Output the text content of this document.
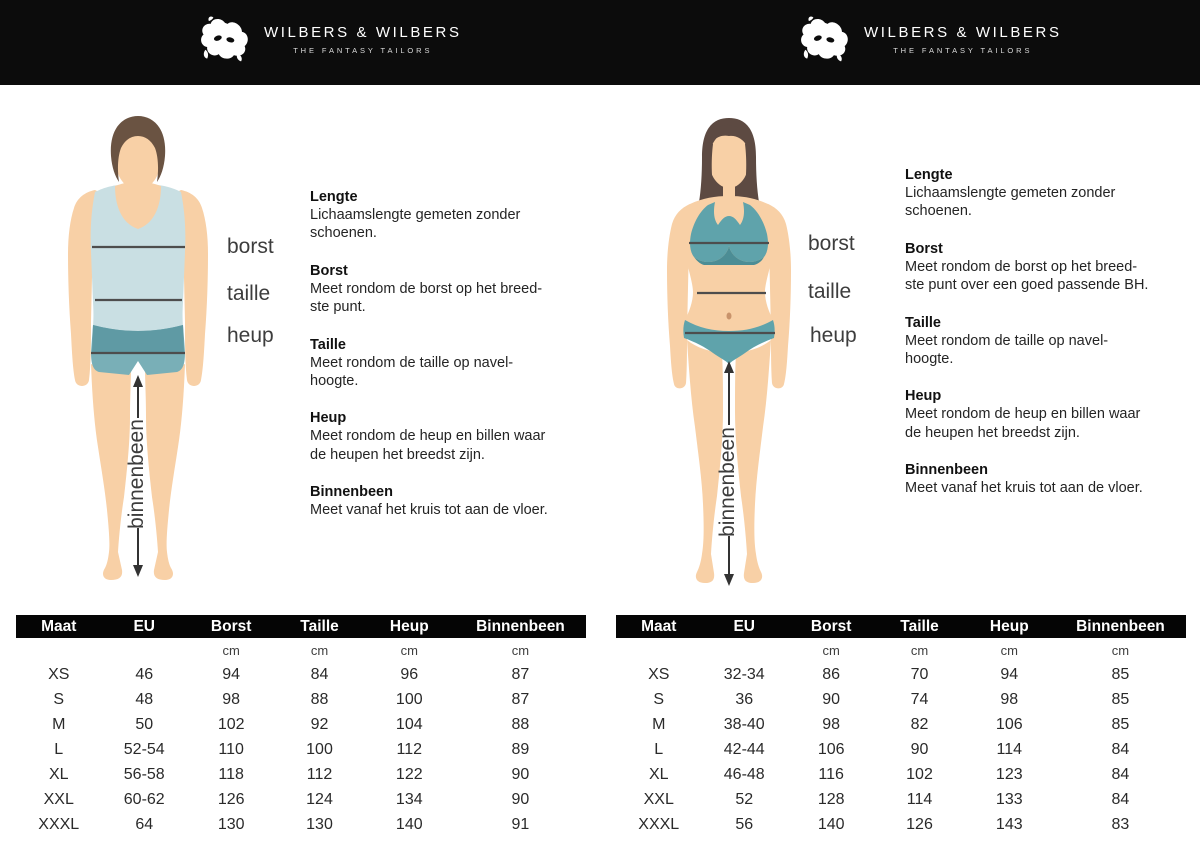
WILBERS & WILBERS
THE FANTASY TAILORS
WILBERS & WILBERS
THE FANTASY TAILORS
borst
taille
heup
binnenbeen
borst
taille
heup
binnenbeen
Lengte
Lichaamslengte gemeten zonder
schoenen.
Borst
Meet rondom de borst op het breed-
ste punt.
Taille
Meet rondom de taille op navel-
hoogte.
Heup
Meet rondom de heup en billen waar
de heupen het breedst zijn.
Binnenbeen
Meet vanaf het kruis tot aan de vloer.
Lengte
Lichaamslengte gemeten zonder
schoenen.
Borst
Meet rondom de borst op het breed-
ste punt over een goed passende BH.
Taille
Meet rondom de taille op navel-
hoogte.
Heup
Meet rondom de heup en billen waar
de heupen het breedst zijn.
Binnenbeen
Meet vanaf het kruis tot aan de vloer.
Maat	EU	Borst	Taille	Heup	Binnenbeen
		cm	cm	cm	cm
XS	46	94	84	96	87
S	48	98	88	100	87
M	50	102	92	104	88
L	52-54	110	100	112	89
XL	56-58	118	112	122	90
XXL	60-62	126	124	134	90
XXXL	64	130	130	140	91
Maat	EU	Borst	Taille	Heup	Binnenbeen
		cm	cm	cm	cm
XS	32-34	86	70	94	85
S	36	90	74	98	85
M	38-40	98	82	106	85
L	42-44	106	90	114	84
XL	46-48	116	102	123	84
XXL	52	128	114	133	84
XXXL	56	140	126	143	83
